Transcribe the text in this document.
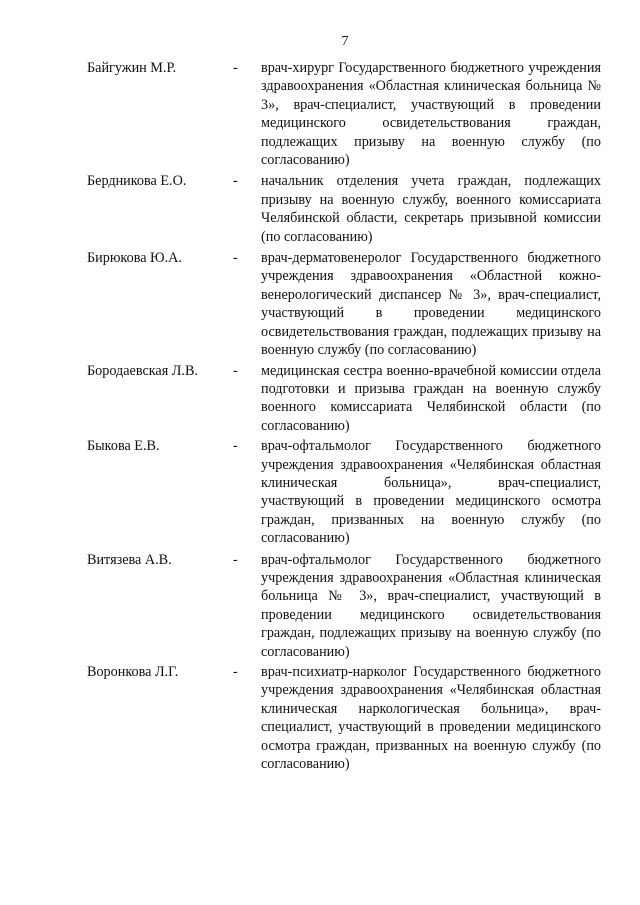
7
Байгужин М.Р.	- врач-хирург Государственного бюджетного учреждения здравоохранения «Областная клиническая больница № 3», врач-специалист, участвующий в проведении медицинского освидетельствования граждан, подлежащих призыву на военную службу (по согласованию)
Бердникова Е.О.	- начальник отделения учета граждан, подлежащих призыву на военную службу, военного комиссариата Челябинской области, секретарь призывной комиссии (по согласованию)
Бирюкова Ю.А.	- врач-дерматовенеролог Государственного бюджетного учреждения здравоохранения «Областной кожно-венерологический диспансер № 3», врач-специалист, участвующий в проведении медицинского освидетельствования граждан, подлежащих призыву на военную службу (по согласованию)
Бородаевская Л.В. - медицинская сестра военно-врачебной комиссии отдела подготовки и призыва граждан на военную службу военного комиссариата Челябинской области (по согласованию)
Быкова Е.В.	- врач-офтальмолог Государственного бюджетного учреждения здравоохранения «Челябинская областная клиническая больница», врач-специалист, участвующий в проведении медицинского осмотра граждан, призванных на военную службу (по согласованию)
Витязева А.В.	- врач-офтальмолог Государственного бюджетного учреждения здравоохранения «Областная клиническая больница № 3», врач-специалист, участвующий в проведении медицинского освидетельствования граждан, подлежащих призыву на военную службу (по согласованию)
Воронкова Л.Г.	- врач-психиатр-нарколог Государственного бюджетного учреждения здравоохранения «Челябинская областная клиническая наркологическая больница», врач-специалист, участвующий в проведении медицинского осмотра граждан, призванных на военную службу (по согласованию)
